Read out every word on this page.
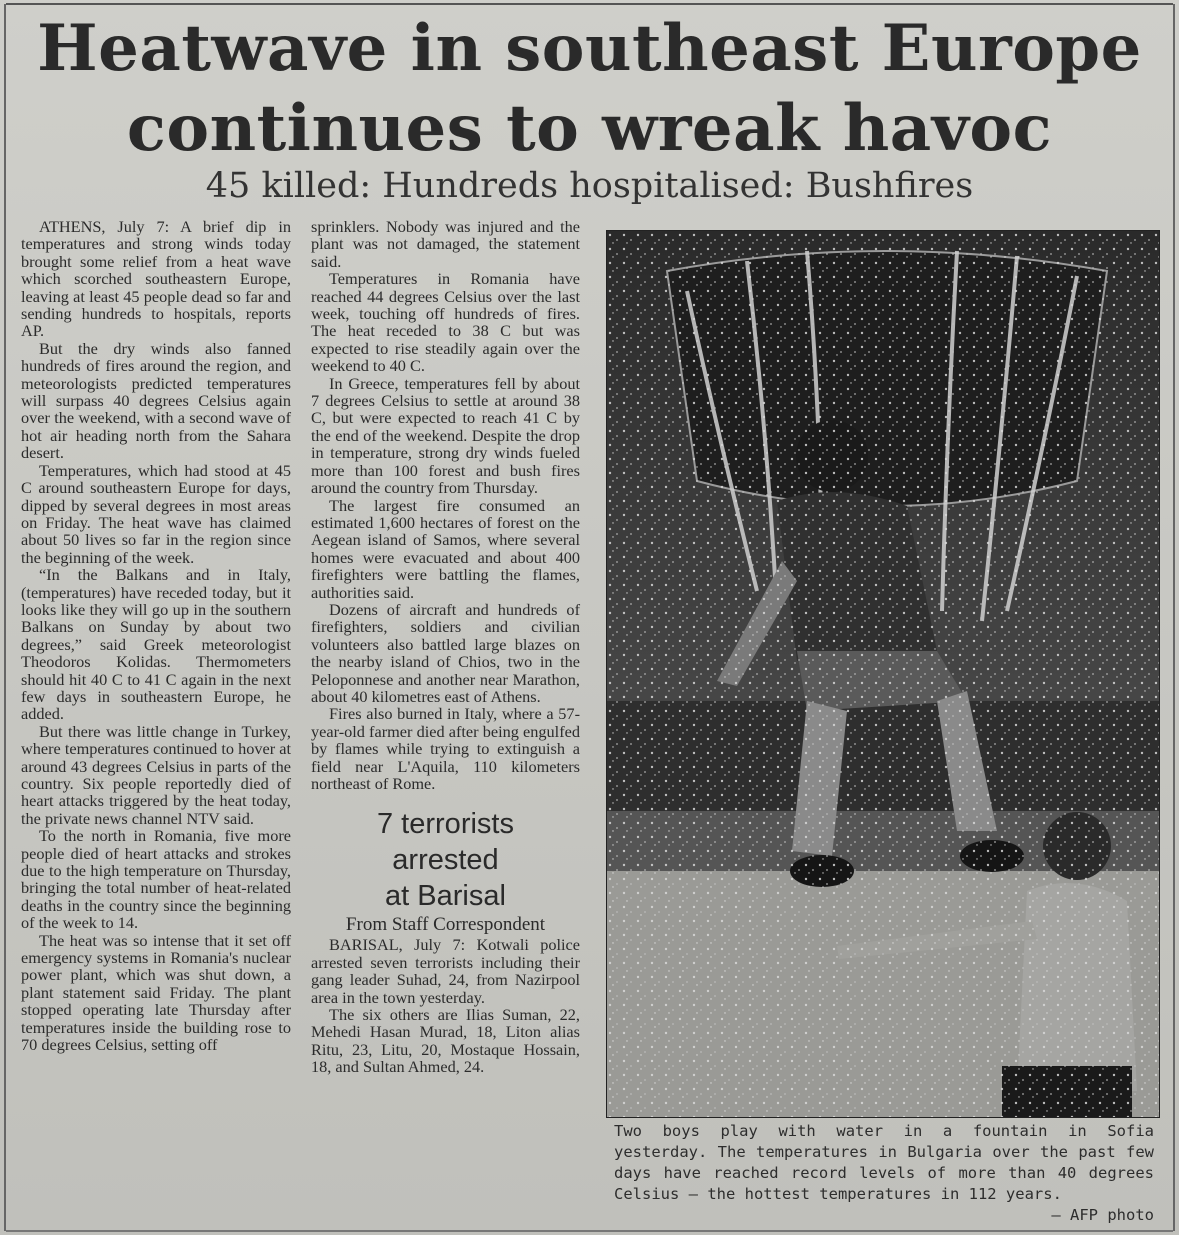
Heatwave in southeast Europe
continues to wreak havoc
45 killed: Hundreds hospitalised: Bushfires

ATHENS, July 7: A brief dip in temperatures and strong winds today brought some relief from a heat wave which scorched southeastern Europe, leaving at least 45 people dead so far and sending hundreds to hospitals, reports AP.

But the dry winds also fanned hundreds of fires around the region, and meteorologists predicted temperatures will surpass 40 degrees Celsius again over the weekend, with a second wave of hot air heading north from the Sahara desert.

Temperatures, which had stood at 45 C around southeastern Europe for days, dipped by several degrees in most areas on Friday. The heat wave has claimed about 50 lives so far in the region since the beginning of the week.

“In the Balkans and in Italy, (temperatures) have receded today, but it looks like they will go up in the southern Balkans on Sunday by about two degrees,” said Greek meteorologist Theodoros Kolidas. Thermometers should hit 40 C to 41 C again in the next few days in southeastern Europe, he added.

But there was little change in Turkey, where temperatures continued to hover at around 43 degrees Celsius in parts of the country. Six people reportedly died of heart attacks triggered by the heat today, the private news channel NTV said.

To the north in Romania, five more people died of heart attacks and strokes due to the high temperature on Thursday, bringing the total number of heat-related deaths in the country since the beginning of the week to 14.

The heat was so intense that it set off emergency systems in Romania's nuclear power plant, which was shut down, a plant statement said Friday. The plant stopped operating late Thursday after temperatures inside the building rose to 70 degrees Celsius, setting off

sprinklers. Nobody was injured and the plant was not damaged, the statement said.

Temperatures in Romania have reached 44 degrees Celsius over the last week, touching off hundreds of fires. The heat receded to 38 C but was expected to rise steadily again over the weekend to 40 C.

In Greece, temperatures fell by about 7 degrees Celsius to settle at around 38 C, but were expected to reach 41 C by the end of the weekend. Despite the drop in temperature, strong dry winds fueled more than 100 forest and bush fires around the country from Thursday.

The largest fire consumed an estimated 1,600 hectares of forest on the Aegean island of Samos, where several homes were evacuated and about 400 firefighters were battling the flames, authorities said.

Dozens of aircraft and hundreds of firefighters, soldiers and civilian volunteers also battled large blazes on the nearby island of Chios, two in the Peloponnese and another near Marathon, about 40 kilometres east of Athens.

Fires also burned in Italy, where a 57-year-old farmer died after being engulfed by flames while trying to extinguish a field near L'Aquila, 110 kilometers northeast of Rome.

7 terrorists
arrested
at Barisal

From Staff Correspondent

BARISAL, July 7: Kotwali police arrested seven terrorists including their gang leader Suhad, 24, from Nazirpool area in the town yesterday.

The six others are Ilias Suman, 22, Mehedi Hasan Murad, 18, Liton alias Ritu, 23, Litu, 20, Mostaque Hossain, 18, and Sultan Ahmed, 24.

Two boys play with water in a fountain in Sofia yesterday. The temperatures in Bulgaria over the past few days have reached record levels of more than 40 degrees Celsius — the hottest temperatures in 112 years.
— AFP photo
